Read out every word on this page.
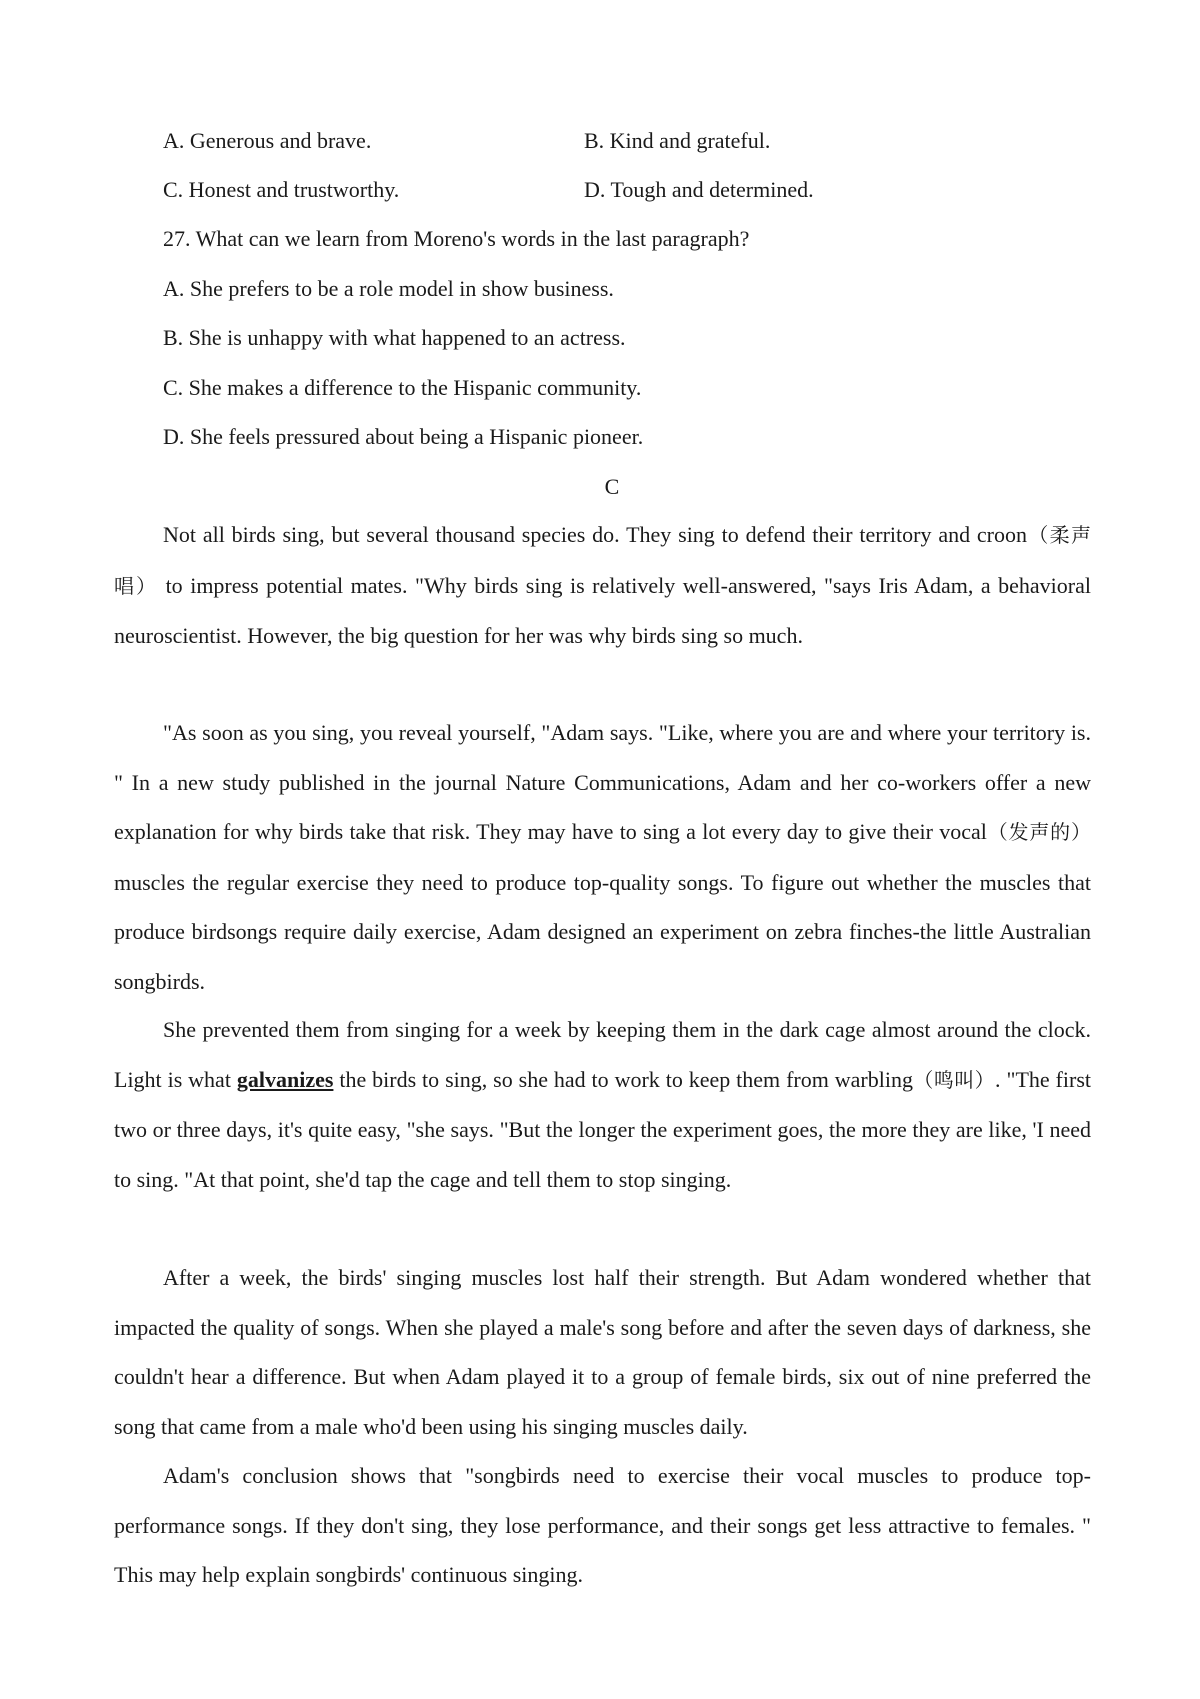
A. Generous and brave.	B. Kind and grateful.
C. Honest and trustworthy.	D. Tough and determined.
27. What can we learn from Moreno's words in the last paragraph?
A. She prefers to be a role model in show business.
B. She is unhappy with what happened to an actress.
C. She makes a difference to the Hispanic community.
D. She feels pressured about being a Hispanic pioneer.
C

Not all birds sing, but several thousand species do. They sing to defend their territory and croon（柔声唱） to impress potential mates. "Why birds sing is relatively well-answered, "says Iris Adam, a behavioral neuroscientist. However, the big question for her was why birds sing so much.

"As soon as you sing, you reveal yourself, "Adam says. "Like, where you are and where your territory is. " In a new study published in the journal Nature Communications, Adam and her co-workers offer a new explanation for why birds take that risk. They may have to sing a lot every day to give their vocal（发声的） muscles the regular exercise they need to produce top-quality songs. To figure out whether the muscles that produce birdsongs require daily exercise, Adam designed an experiment on zebra finches-the little Australian songbirds.

She prevented them from singing for a week by keeping them in the dark cage almost around the clock. Light is what galvanizes the birds to sing, so she had to work to keep them from warbling（鸣叫）. "The first two or three days, it's quite easy, "she says. "But the longer the experiment goes, the more they are like, 'I need to sing. "At that point, she'd tap the cage and tell them to stop singing.

After a week, the birds' singing muscles lost half their strength. But Adam wondered whether that impacted the quality of songs. When she played a male's song before and after the seven days of darkness, she couldn't hear a difference. But when Adam played it to a group of female birds, six out of nine preferred the song that came from a male who'd been using his singing muscles daily.

Adam's conclusion shows that "songbirds need to exercise their vocal muscles to produce top-performance songs. If they don't sing, they lose performance, and their songs get less attractive to females. " This may help explain songbirds' continuous singing.
